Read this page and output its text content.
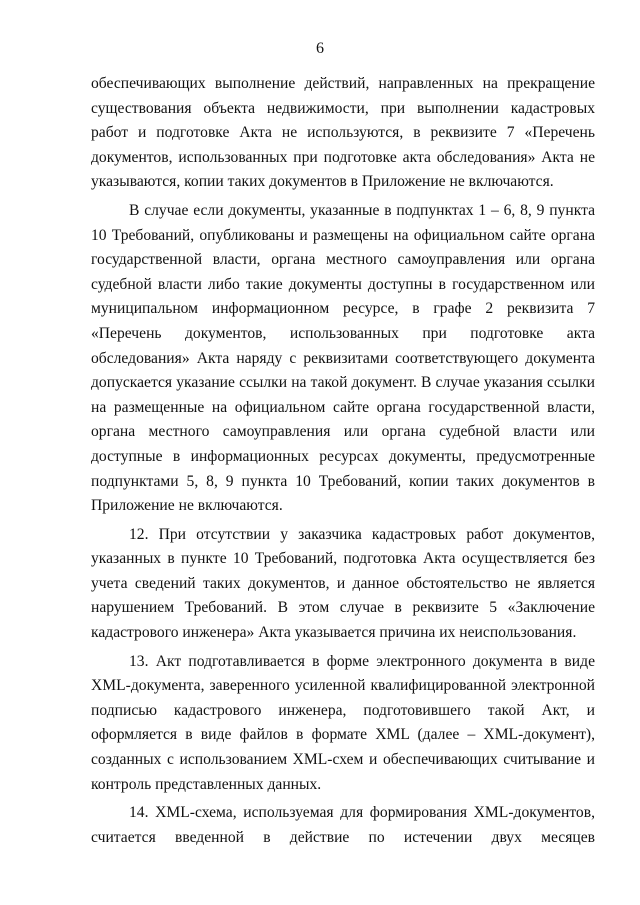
6

обеспечивающих выполнение действий, направленных на прекращение существования объекта недвижимости, при выполнении кадастровых работ и подготовке Акта не используются, в реквизите 7 «Перечень документов, использованных при подготовке акта обследования» Акта не указываются, копии таких документов в Приложение не включаются.

В случае если документы, указанные в подпунктах 1 – 6, 8, 9 пункта 10 Требований, опубликованы и размещены на официальном сайте органа государственной власти, органа местного самоуправления или органа судебной власти либо такие документы доступны в государственном или муниципальном информационном ресурсе, в графе 2 реквизита 7 «Перечень документов, использованных при подготовке акта обследования» Акта наряду с реквизитами соответствующего документа допускается указание ссылки на такой документ. В случае указания ссылки на размещенные на официальном сайте органа государственной власти, органа местного самоуправления или органа судебной власти или доступные в информационных ресурсах документы, предусмотренные подпунктами 5, 8, 9 пункта 10 Требований, копии таких документов в Приложение не включаются.

12. При отсутствии у заказчика кадастровых работ документов, указанных в пункте 10 Требований, подготовка Акта осуществляется без учета сведений таких документов, и данное обстоятельство не является нарушением Требований. В этом случае в реквизите 5 «Заключение кадастрового инженера» Акта указывается причина их неиспользования.

13. Акт подготавливается в форме электронного документа в виде XML-документа, заверенного усиленной квалифицированной электронной подписью кадастрового инженера, подготовившего такой Акт, и оформляется в виде файлов в формате XML (далее – XML-документ), созданных с использованием XML-схем и обеспечивающих считывание и контроль представленных данных.

14. XML-схема, используемая для формирования XML-документов, считается введенной в действие по истечении двух месяцев
